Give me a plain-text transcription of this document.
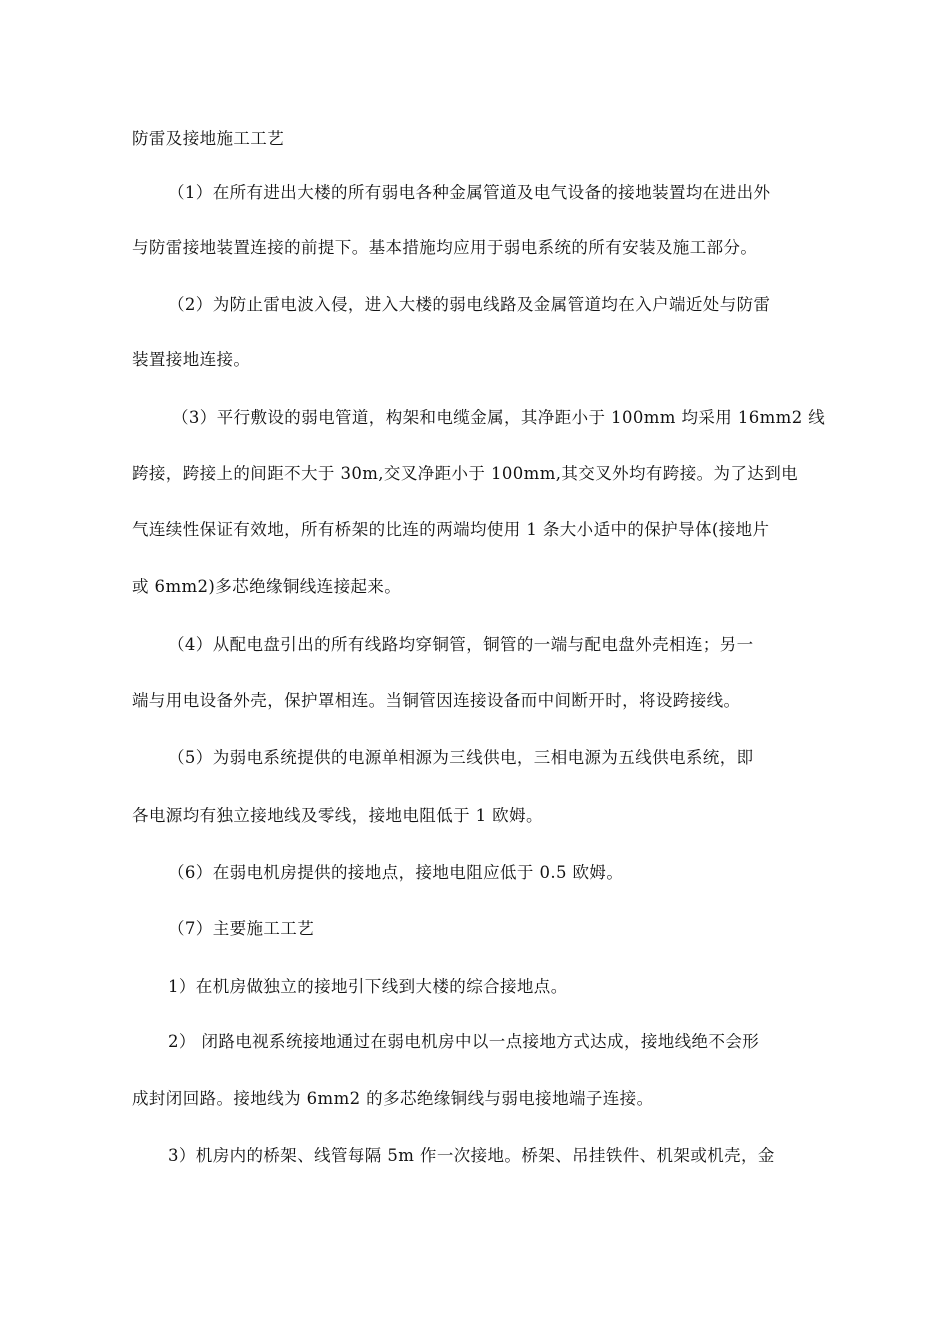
防雷及接地施工工艺
（1）在所有进出大楼的所有弱电各种金属管道及电气设备的接地装置均在进出外
与防雷接地装置连接的前提下。基本措施均应用于弱电系统的所有安装及施工部分。
（2）为防止雷电波入侵，进入大楼的弱电线路及金属管道均在入户端近处与防雷
装置接地连接。
（3）平行敷设的弱电管道，构架和电缆金属，其净距小于 100mm 均采用 16mm2 线
跨接，跨接上的间距不大于 30m,交叉净距小于 100mm,其交叉外均有跨接。为了达到电
气连续性保证有效地，所有桥架的比连的两端均使用 1 条大小适中的保护导体(接地片
或 6mm2)多芯绝缘铜线连接起来。
（4）从配电盘引出的所有线路均穿铜管，铜管的一端与配电盘外壳相连；另一
端与用电设备外壳，保护罩相连。当铜管因连接设备而中间断开时，将设跨接线。
（5）为弱电系统提供的电源单相源为三线供电，三相电源为五线供电系统，即
各电源均有独立接地线及零线，接地电阻低于 1 欧姆。
（6）在弱电机房提供的接地点，接地电阻应低于 0.5 欧姆。
（7）主要施工工艺
1）在机房做独立的接地引下线到大楼的综合接地点。
2） 闭路电视系统接地通过在弱电机房中以一点接地方式达成，接地线绝不会形
成封闭回路。接地线为 6mm2 的多芯绝缘铜线与弱电接地端子连接。
3）机房内的桥架、线管每隔 5m 作一次接地。桥架、吊挂铁件、机架或机壳，金
